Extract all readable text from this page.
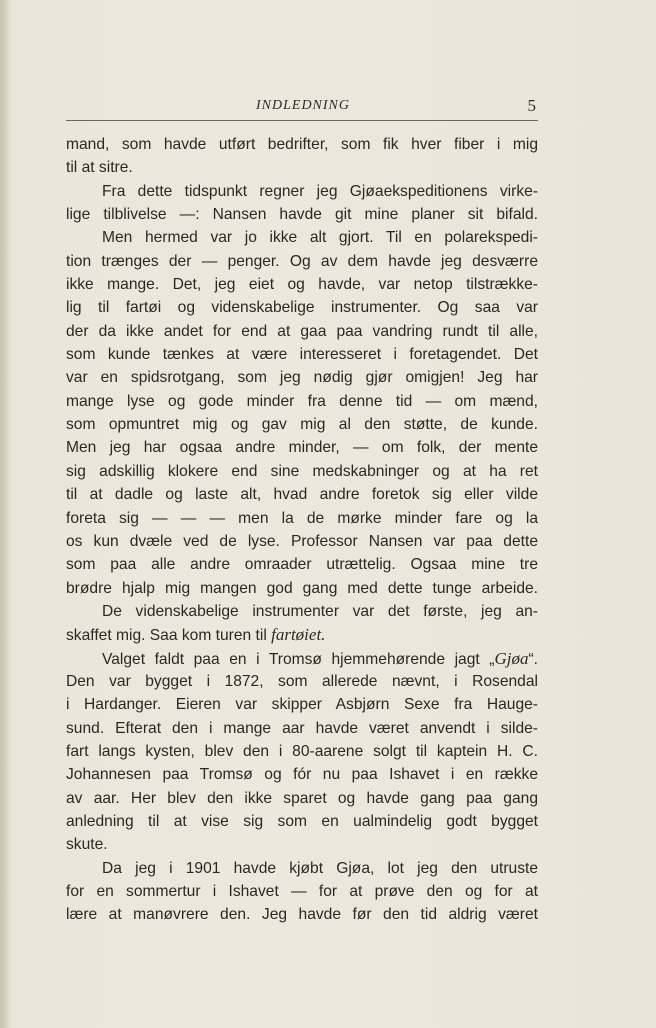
INDLEDNING	5
mand, som havde utført bedrifter, som fik hver fiber i mig
til at sitre.
Fra dette tidspunkt regner jeg Gjøaekspeditionens virke-
lige tilblivelse —: Nansen havde git mine planer sit bifald.
Men hermed var jo ikke alt gjort. Til en polarekspedi-
tion trænges der — penger. Og av dem havde jeg desværre
ikke mange. Det, jeg eiet og havde, var netop tilstrække-
lig til fartøi og videnskabelige instrumenter. Og saa var
der da ikke andet for end at gaa paa vandring rundt til alle,
som kunde tænkes at være interesseret i foretagendet. Det
var en spidsrotgang, som jeg nødig gjør omigjen! Jeg har
mange lyse og gode minder fra denne tid — om mænd,
som opmuntret mig og gav mig al den støtte, de kunde.
Men jeg har ogsaa andre minder, — om folk, der mente
sig adskillig klokere end sine medskabninger og at ha ret
til at dadle og laste alt, hvad andre foretok sig eller vilde
foreta sig — — — men la de mørke minder fare og la
os kun dvæle ved de lyse. Professor Nansen var paa dette
som paa alle andre omraader utrættelig. Ogsaa mine tre
brødre hjalp mig mangen god gang med dette tunge arbeide.
De videnskabelige instrumenter var det første, jeg an-
skaffet mig. Saa kom turen til fartøiet.
Valget faldt paa en i Tromsø hjemmehørende jagt „Gjøa“.
Den var bygget i 1872, som allerede nævnt, i Rosendal
i Hardanger. Eieren var skipper Asbjørn Sexe fra Hauge-
sund. Efterat den i mange aar havde været anvendt i silde-
fart langs kysten, blev den i 80-aarene solgt til kaptein H. C.
Johannesen paa Tromsø og fór nu paa Ishavet i en række
av aar. Her blev den ikke sparet og havde gang paa gang
anledning til at vise sig som en ualmindelig godt bygget
skute.
Da jeg i 1901 havde kjøbt Gjøa, lot jeg den utruste
for en sommertur i Ishavet — for at prøve den og for at
lære at manøvrere den. Jeg havde før den tid aldrig været
